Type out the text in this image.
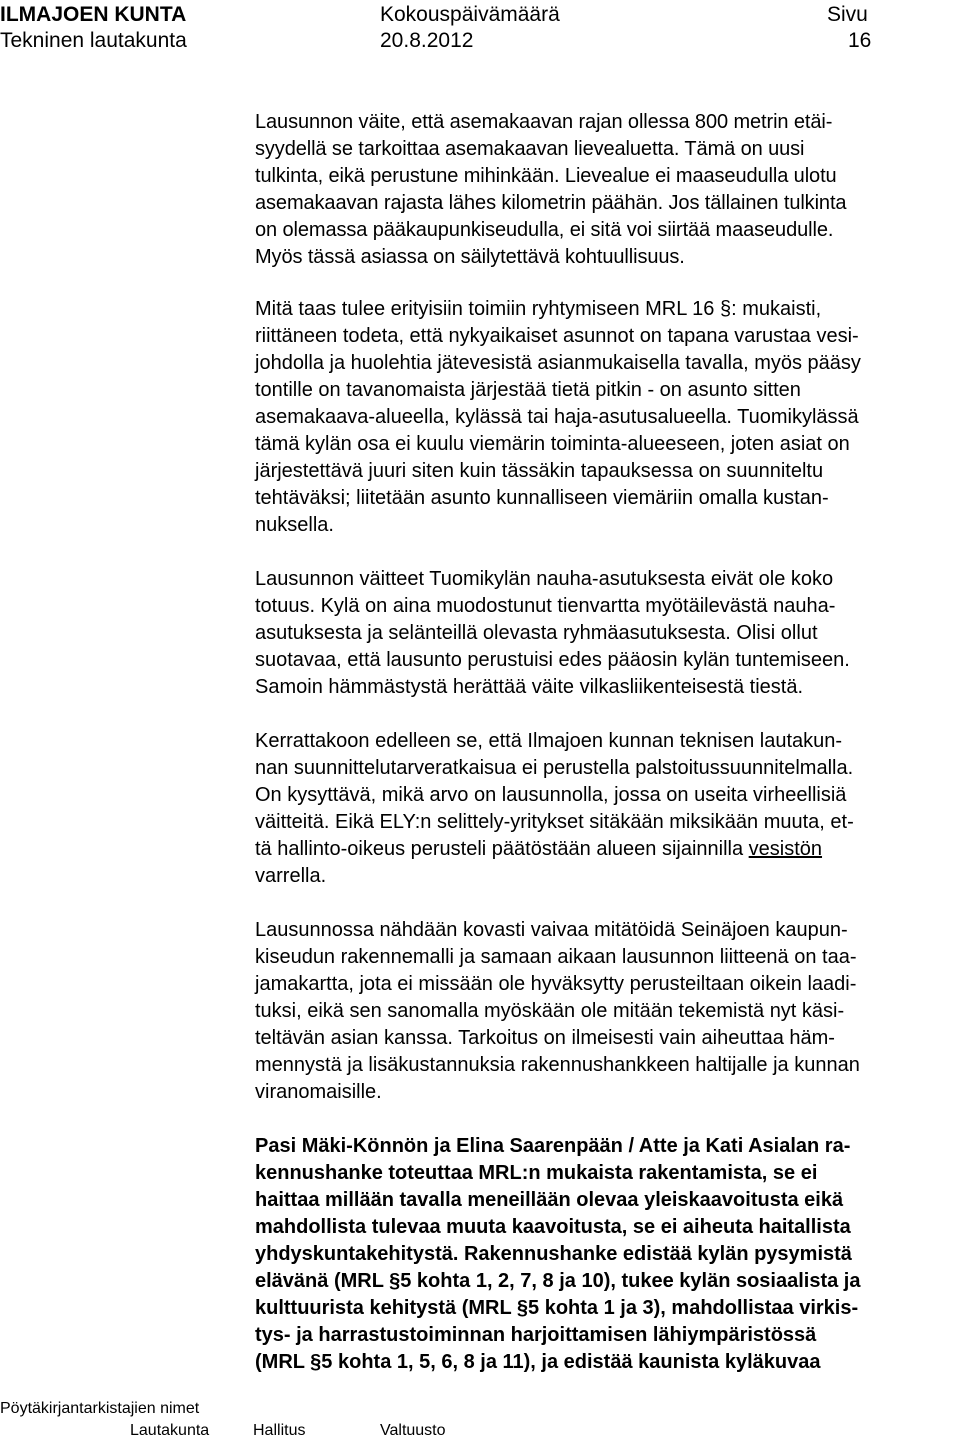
ILMAJOEN KUNTA
Tekninen lautakunta
Kokouspäivämäärä
20.8.2012
Sivu
16

Lausunnon väite, että asemakaavan rajan ollessa 800 metrin etäi-
syydellä se tarkoittaa asemakaavan lievealuetta. Tämä on uusi
tulkinta, eikä perustune mihinkään. Lievealue ei maaseudulla ulotu
asemakaavan rajasta lähes kilometrin päähän. Jos tällainen tulkinta
on olemassa pääkaupunkiseudulla, ei sitä voi siirtää maaseudulle.
Myös tässä asiassa on säilytettävä kohtuullisuus.

Mitä taas tulee erityisiin toimiin ryhtymiseen MRL 16 §: mukaisti,
riittäneen todeta, että nykyaikaiset asunnot on tapana varustaa vesi-
johdolla ja huolehtia jätevesistä asianmukaisella tavalla, myös pääsy
tontille on tavanomaista järjestää tietä pitkin - on asunto sitten
asemakaava-alueella, kylässä tai haja-asutusalueella. Tuomikylässä
tämä kylän osa ei kuulu viemärin toiminta-alueeseen, joten asiat on
järjestettävä juuri siten kuin tässäkin tapauksessa on suunniteltu
tehtäväksi; liitetään asunto kunnalliseen viemäriin omalla kustan-
nuksella.

Lausunnon väitteet Tuomikylän nauha-asutuksesta eivät ole koko
totuus. Kylä on aina muodostunut tienvartta myötäilevästä nauha-
asutuksesta ja selänteillä olevasta ryhmäasutuksesta. Olisi ollut
suotavaa, että lausunto perustuisi edes pääosin kylän tuntemiseen.
Samoin hämmästystä herättää väite vilkasliikenteisestä tiestä.

Kerrattakoon edelleen se, että Ilmajoen kunnan teknisen lautakun-
nan suunnittelutarveratkaisua ei perustella palstoitussuunnitelmalla.
On kysyttävä, mikä arvo on lausunnolla, jossa on useita virheellisiä
väitteitä. Eikä ELY:n selittely-yritykset sitäkään miksikään muuta, et-
tä hallinto-oikeus perusteli päätöstään alueen sijainnilla vesistön
varrella.

Lausunnossa nähdään kovasti vaivaa mitätöidä Seinäjoen kaupun-
kiseudun rakennemalli ja samaan aikaan lausunnon liitteenä on taa-
jamakartta, jota ei missään ole hyväksytty perusteiltaan oikein laadi-
tuksi, eikä sen sanomalla myöskään ole mitään tekemistä nyt käsi-
teltävän asian kanssa. Tarkoitus on ilmeisesti vain aiheuttaa häm-
mennystä ja lisäkustannuksia rakennushankkeen haltijalle ja kunnan
viranomaisille.

Pasi Mäki-Könnön ja Elina Saarenpään / Atte ja Kati Asialan ra-
kennushanke toteuttaa MRL:n mukaista rakentamista, se ei
haittaa millään tavalla meneillään olevaa yleiskaavoitusta eikä
mahdollista tulevaa muuta kaavoitusta, se ei aiheuta haitallista
yhdyskuntakehitystä. Rakennushanke edistää kylän pysymistä
elävänä (MRL §5 kohta 1, 2, 7, 8 ja 10), tukee kylän sosiaalista ja
kulttuurista kehitystä (MRL §5 kohta 1 ja 3), mahdollistaa virkis-
tys- ja harrastustoiminnan harjoittamisen lähiympäristössä
(MRL §5 kohta 1, 5, 6, 8 ja 11), ja edistää kaunista kyläkuvaa

Pöytäkirjantarkistajien nimet
Lautakunta	Hallitus	Valtuusto
